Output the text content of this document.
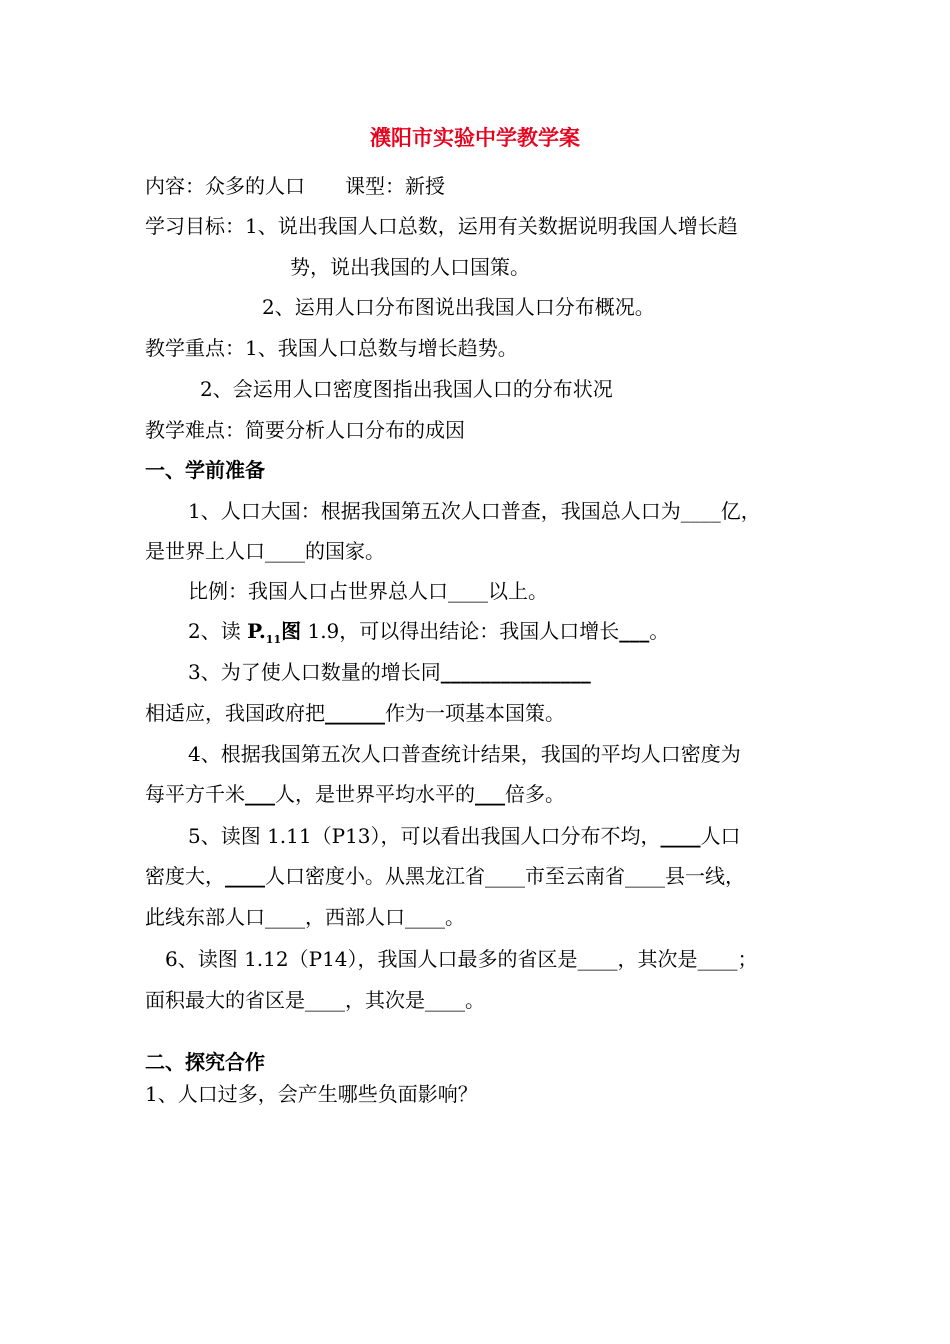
濮阳市实验中学教学案
内容：众多的人口 课型：新授
学习目标：1、说出我国人口总数，运用有关数据说明我国人增长趋
势，说出我国的人口国策。
2、运用人口分布图说出我国人口分布概况。
教学重点：1、我国人口总数与增长趋势。
2、会运用人口密度图指出我国人口的分布状况
教学难点：简要分析人口分布的成因
一、学前准备
1、人口大国：根据我国第五次人口普查，我国总人口为____亿，
是世界上人口____的国家。
比例：我国人口占世界总人口____以上。
2、读 $P._{11}$图 1.9，可以得出结论：我国人口增长___。
3、为了使人口数量的增长同_______________
相适应，我国政府把______作为一项基本国策。
4、根据我国第五次人口普查统计结果，我国的平均人口密度为
每平方千米___人，是世界平均水平的___倍多。
5、读图 1.11（P13），可以看出我国人口分布不均，____人口
密度大，____人口密度小。从黑龙江省____市至云南省____县一线，
此线东部人口____，西部人口____。
6、读图 1.12（P14），我国人口最多的省区是____，其次是____；
面积最大的省区是____，其次是____。
二、探究合作
1、人口过多，会产生哪些负面影响？
